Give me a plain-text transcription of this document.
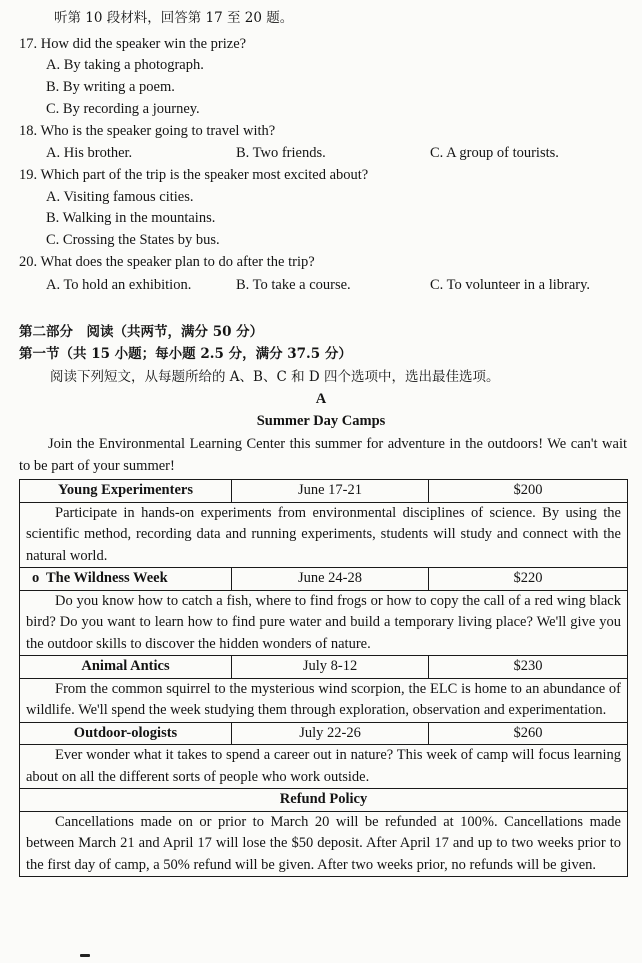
听第 10 段材料，回答第 17 至 20 题。
17. How did the speaker win the prize?
A. By taking a photograph.
B. By writing a poem.
C. By recording a journey.
18. Who is the speaker going to travel with?
A. His brother.	B. Two friends.	C. A group of tourists.
19. Which part of the trip is the speaker most excited about?
A. Visiting famous cities.
B. Walking in the mountains.
C. Crossing the States by bus.
20. What does the speaker plan to do after the trip?
A. To hold an exhibition.	B. To take a course.	C. To volunteer in a library.
第二部分　阅读（共两节，满分 50 分）
第一节（共 15 小题；每小题 2.5 分，满分 37.5 分）
阅读下列短文，从每题所给的 A、B、C 和 D 四个选项中，选出最佳选项。
A
Summer Day Camps
Join the Environmental Learning Center this summer for adventure in the outdoors! We can't wait to be part of your summer!
Young Experimenters	June 17-21	$200
Participate in hands-on experiments from environmental disciplines of science. By using the scientific method, recording data and running experiments, students will study and connect with the natural world.		
o The Wildness Week	June 24-28	$220
Do you know how to catch a fish, where to find frogs or how to copy the call of a red wing black bird? Do you want to learn how to find pure water and build a temporary living place? We'll give you the outdoor skills to discover the hidden wonders of nature.		
Animal Antics	July 8-12	$230
From the common squirrel to the mysterious wind scorpion, the ELC is home to an abundance of wildlife. We'll spend the week studying them through exploration, observation and experimentation.		
Outdoor-ologists	July 22-26	$260
Ever wonder what it takes to spend a career out in nature? This week of camp will focus learning about on all the different sorts of people who work outside.		
Refund Policy		
Cancellations made on or prior to March 20 will be refunded at 100%. Cancellations made between March 21 and April 17 will lose the $50 deposit. After April 17 and up to two weeks prior to the first day of camp, a 50% refund will be given. After two weeks prior, no refunds will be given.		
